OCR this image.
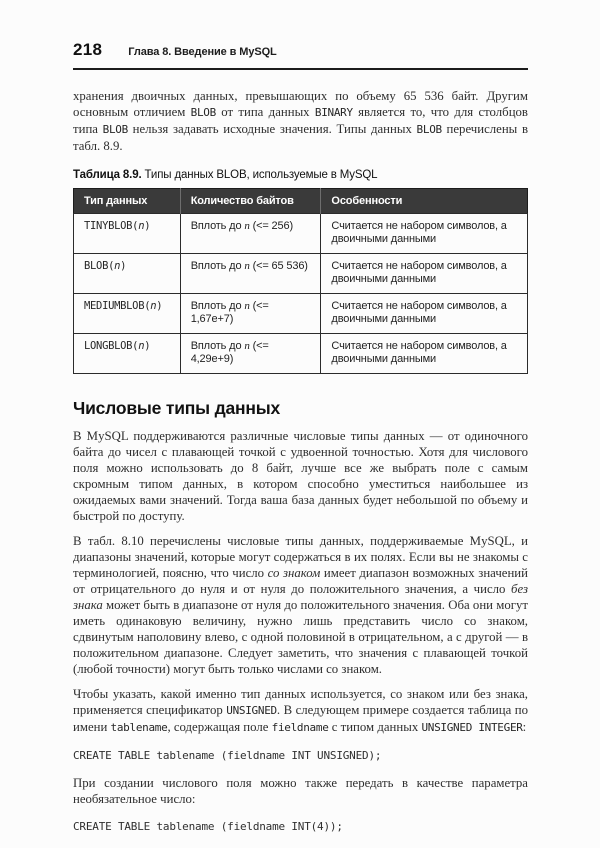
218 Глава 8. Введение в MySQL

хранения двоичных данных, превышающих по объему 65 536 байт. Другим основным отличием BLOB от типа данных BINARY является то, что для столбцов типа BLOB нельзя задавать исходные значения. Типы данных BLOB перечислены в табл. 8.9.

Таблица 8.9. Типы данных BLOB, используемые в MySQL
Тип данных	Количество байтов	Особенности
TINYBLOB(n)	Вплоть до n (<= 256)	Считается не набором символов, а двоичными данными
BLOB(n)	Вплоть до n (<= 65 536)	Считается не набором символов, а двоичными данными
MEDIUMBLOB(n)	Вплоть до n (<= 1,67e+7)	Считается не набором символов, а двоичными данными
LONGBLOB(n)	Вплоть до n (<= 4,29e+9)	Считается не набором символов, а двоичными данными
Числовые типы данных

В MySQL поддерживаются различные числовые типы данных — от одиночного байта до чисел с плавающей точкой с удвоенной точностью. Хотя для числового поля можно использовать до 8 байт, лучше все же выбрать поле с самым скромным типом данных, в котором способно уместиться наибольшее из ожидаемых вами значений. Тогда ваша база данных будет небольшой по объему и быстрой по доступу.

В табл. 8.10 перечислены числовые типы данных, поддерживаемые MySQL, и диапазоны значений, которые могут содержаться в их полях. Если вы не знакомы с терминологией, поясню, что число со знаком имеет диапазон возможных значений от отрицательного до нуля и от нуля до положительного значения, а число без знака может быть в диапазоне от нуля до положительного значения. Оба они могут иметь одинаковую величину, нужно лишь представить число со знаком, сдвинутым наполовину влево, с одной половиной в отрицательном, а с другой — в положительном диапазоне. Следует заметить, что значения с плавающей точкой (любой точности) могут быть только числами со знаком.

Чтобы указать, какой именно тип данных используется, со знаком или без знака, применяется спецификатор UNSIGNED. В следующем примере создается таблица по имени tablename, содержащая поле fieldname с типом данных UNSIGNED INTEGER:

CREATE TABLE tablename (fieldname INT UNSIGNED);

При создании числового поля можно также передать в качестве параметра необязательное число:

CREATE TABLE tablename (fieldname INT(4));
